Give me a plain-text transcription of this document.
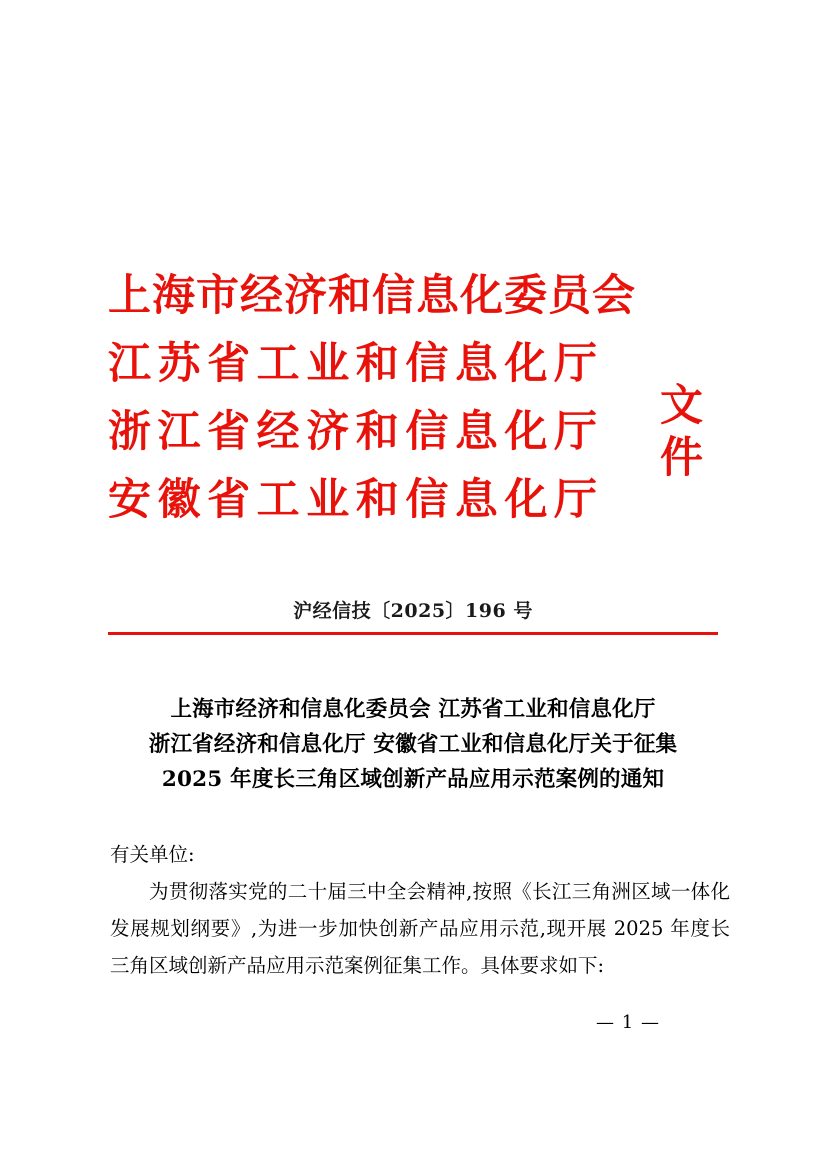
上海市经济和信息化委员会
江苏省工业和信息化厅
浙江省经济和信息化厅
安徽省工业和信息化厅
文件
沪经信技〔2025〕196 号
上海市经济和信息化委员会 江苏省工业和信息化厅
浙江省经济和信息化厅 安徽省工业和信息化厅关于征集
2025 年度长三角区域创新产品应用示范案例的通知

有关单位:

为贯彻落实党的二十届三中全会精神,按照《长江三角洲区域一体化发展规划纲要》,为进一步加快创新产品应用示范,现开展 2025 年度长三角区域创新产品应用示范案例征集工作。具体要求如下:

— 1 —
